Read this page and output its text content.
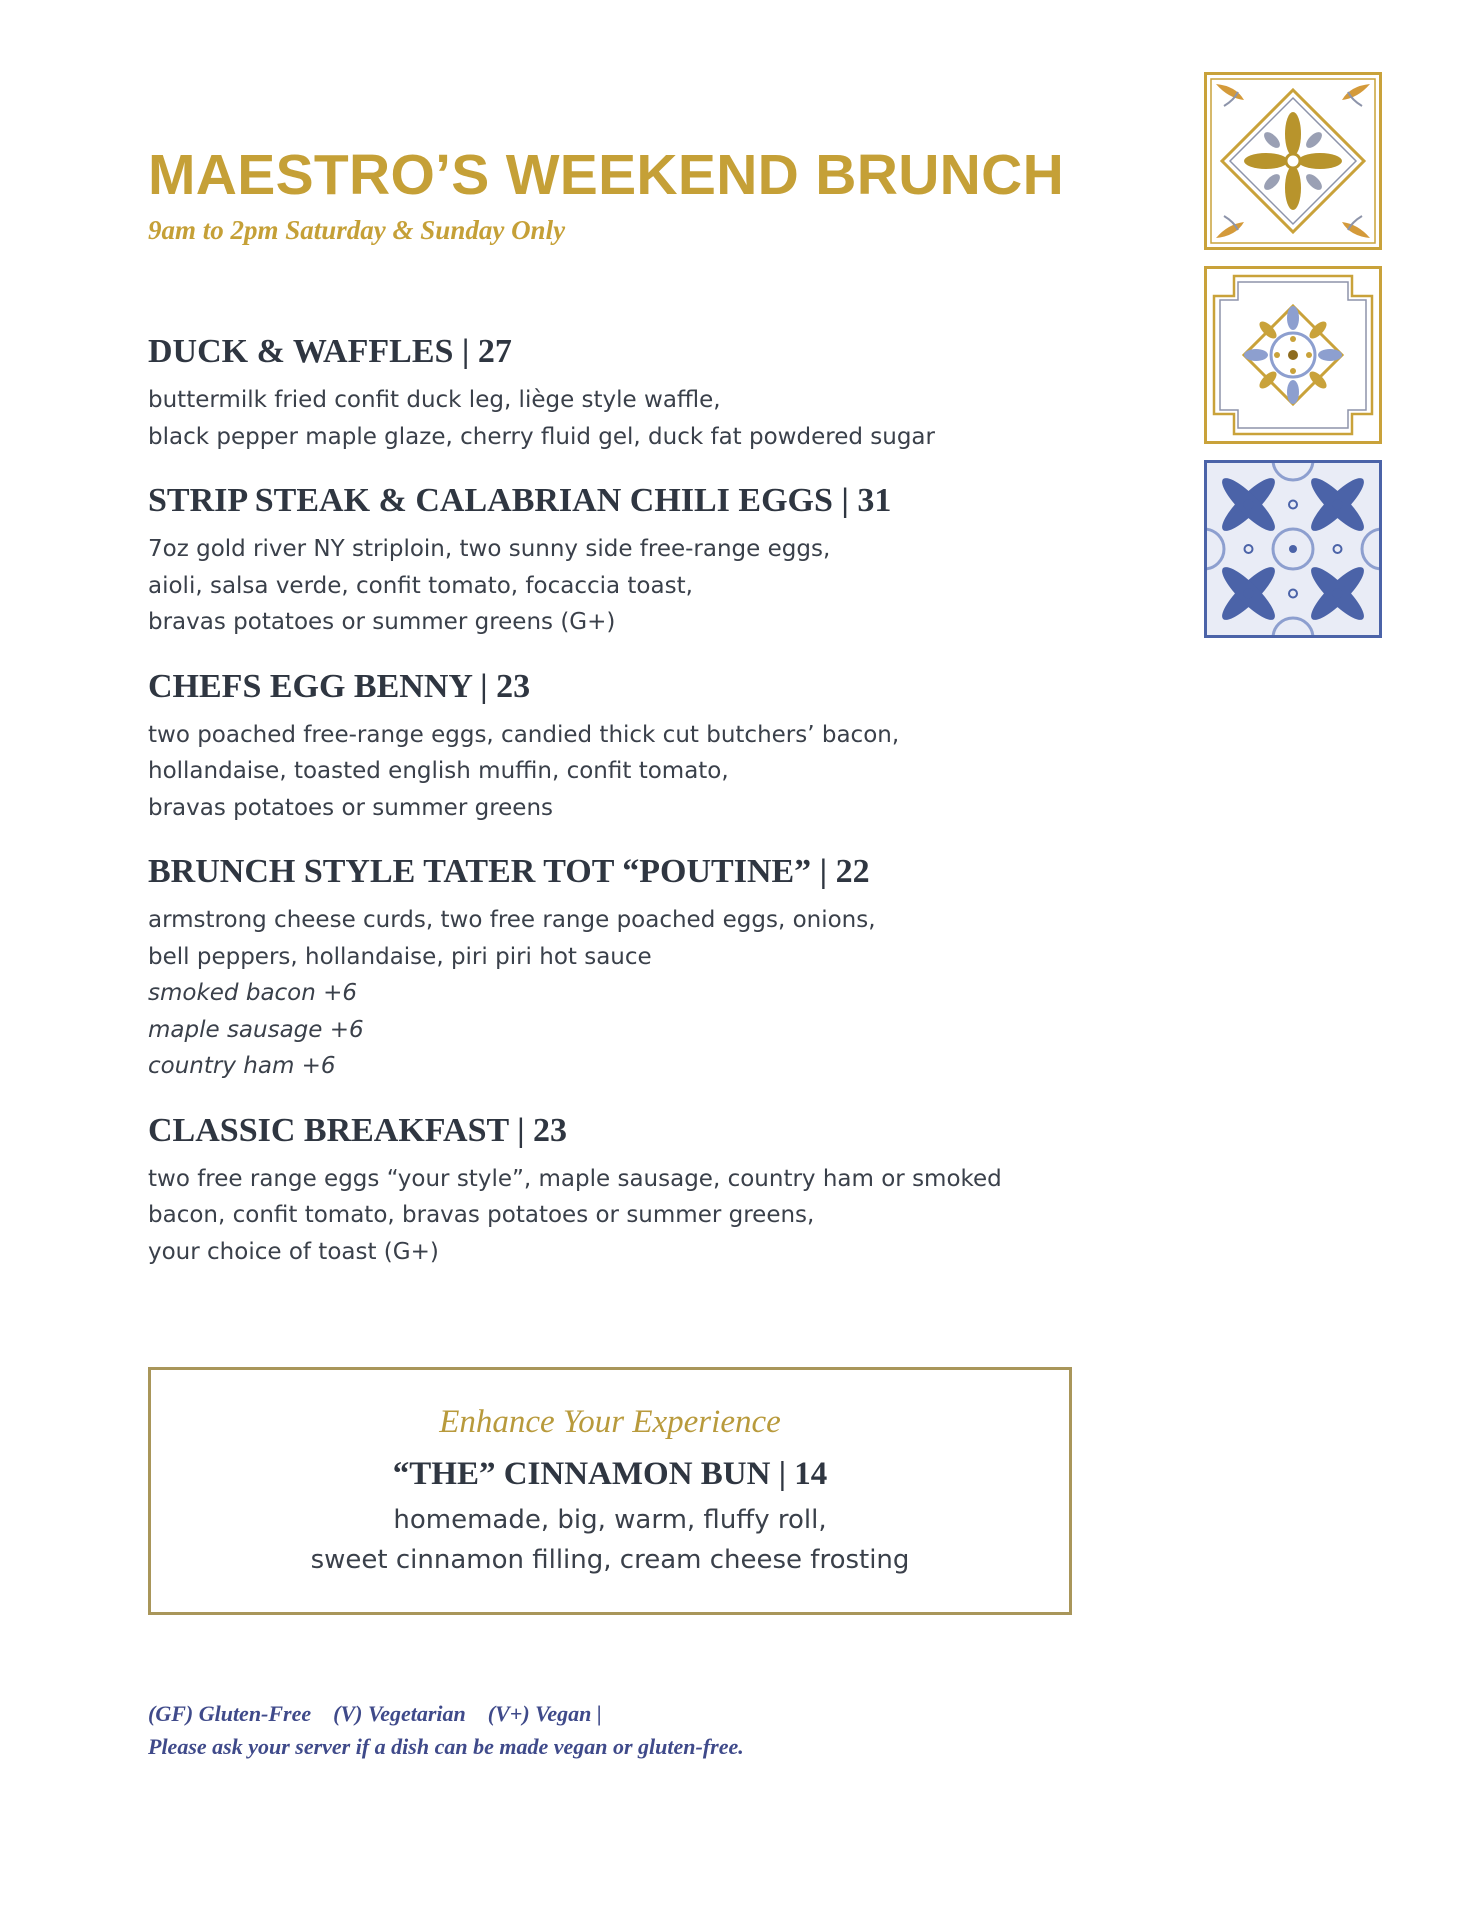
MAESTRO’S WEEKEND BRUNCH
9am to 2pm Saturday & Sunday Only
DUCK & WAFFLES | 27
buttermilk fried confit duck leg, liège style waffle,
black pepper maple glaze, cherry fluid gel, duck fat powdered sugar
STRIP STEAK & CALABRIAN CHILI EGGS | 31
7oz gold river NY striploin, two sunny side free-range eggs,
aioli, salsa verde, confit tomato, focaccia toast,
bravas potatoes or summer greens (G+)
CHEFS EGG BENNY | 23
two poached free-range eggs, candied thick cut butchers’ bacon,
hollandaise, toasted english muffin, confit tomato,
bravas potatoes or summer greens
BRUNCH STYLE TATER TOT “POUTINE” | 22
armstrong cheese curds, two free range poached eggs, onions,
bell peppers, hollandaise, piri piri hot sauce
smoked bacon +6
maple sausage +6
country ham +6
CLASSIC BREAKFAST | 23
two free range eggs “your style”, maple sausage, country ham or smoked
bacon, confit tomato, bravas potatoes or summer greens,
your choice of toast (G+)
Enhance Your Experience
“THE” CINNAMON BUN | 14
homemade, big, warm, fluffy roll,
sweet cinnamon filling, cream cheese frosting
(GF) Gluten-Free (V) Vegetarian (V+) Vegan |
Please ask your server if a dish can be made vegan or gluten-free.
